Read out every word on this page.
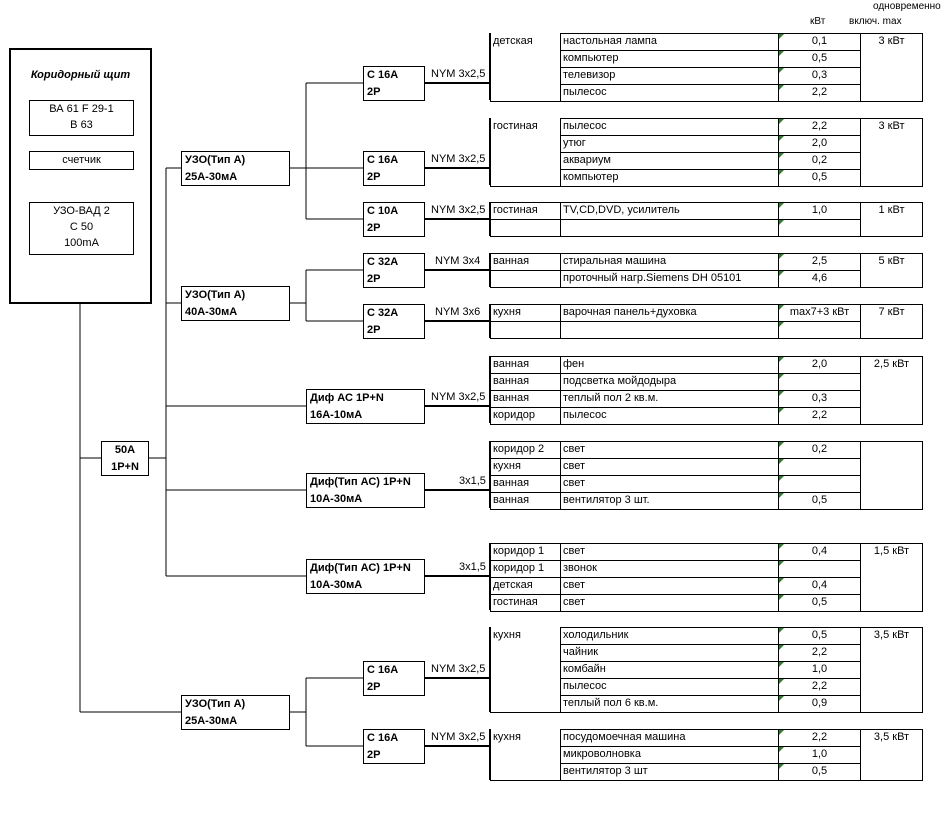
кВт
одновременно
включ. max
Коридорный щит
ВА 61 F 29-1
В 63
счетчик
УЗО-ВАД 2
С 50
100mA
50A
1P+N
УЗО(Тип А)
25А-30мА
УЗО(Тип А)
40А-30мА
Диф АС 1P+N
16А-10мА
Диф(Тип АС) 1P+N
10А-30мА
Диф(Тип АС) 1P+N
10А-30мА
УЗО(Тип А)
25А-30мА
С 16А
2Р
С 16А
2Р
С 10А
2Р
С 32А
2Р
С 32А
2Р
С 16А
2Р
С 16А
2Р
NYM 3x2,5
NYM 3x2,5
NYM 3x2,5
NYM 3x4
NYM 3x6
NYM 3x2,5
3x1,5
3x1,5
NYM 3x2,5
NYM 3x2,5
детская	настольная лампа	0,1	3 кВт
	компьютер	0,5	
	телевизор	0,3	
	пылесос	2,2	
гостиная	пылесос	2,2	3 кВт
	утюг	2,0	
	аквариум	0,2	
	компьютер	0,5	
гостиная	TV,CD,DVD, усилитель	1,0	1 кВт

ванная	стиральная машина	2,5	5 кВт
	проточный нагр.Siemens DH 05101	4,6	
кухня	варочная панель+духовка	max7+3 кВт	7 кВт

ванная	фен	2,0	2,5 кВт
ванная	подсветка мойдодыра	

ванная	теплый пол 2 кв.м.	0,3	
коридор	пылесос	2,2	
коридор 2	свет	0,2	
кухня	свет	

ванная	свет	

ванная	вентилятор 3 шт.	0,5	
коридор 1	свет	0,4	1,5 кВт
коридор 1	звонок	

детская	свет	0,4	
гостиная	свет	0,5	
кухня	холодильник	0,5	3,5 кВт
	чайник	2,2	
	комбайн	1,0	
	пылесос	2,2	
	теплый пол 6 кв.м.	0,9	
кухня	посудомоечная машина	2,2	3,5 кВт
	микроволновка	1,0	
	вентилятор 3 шт	0,5	
